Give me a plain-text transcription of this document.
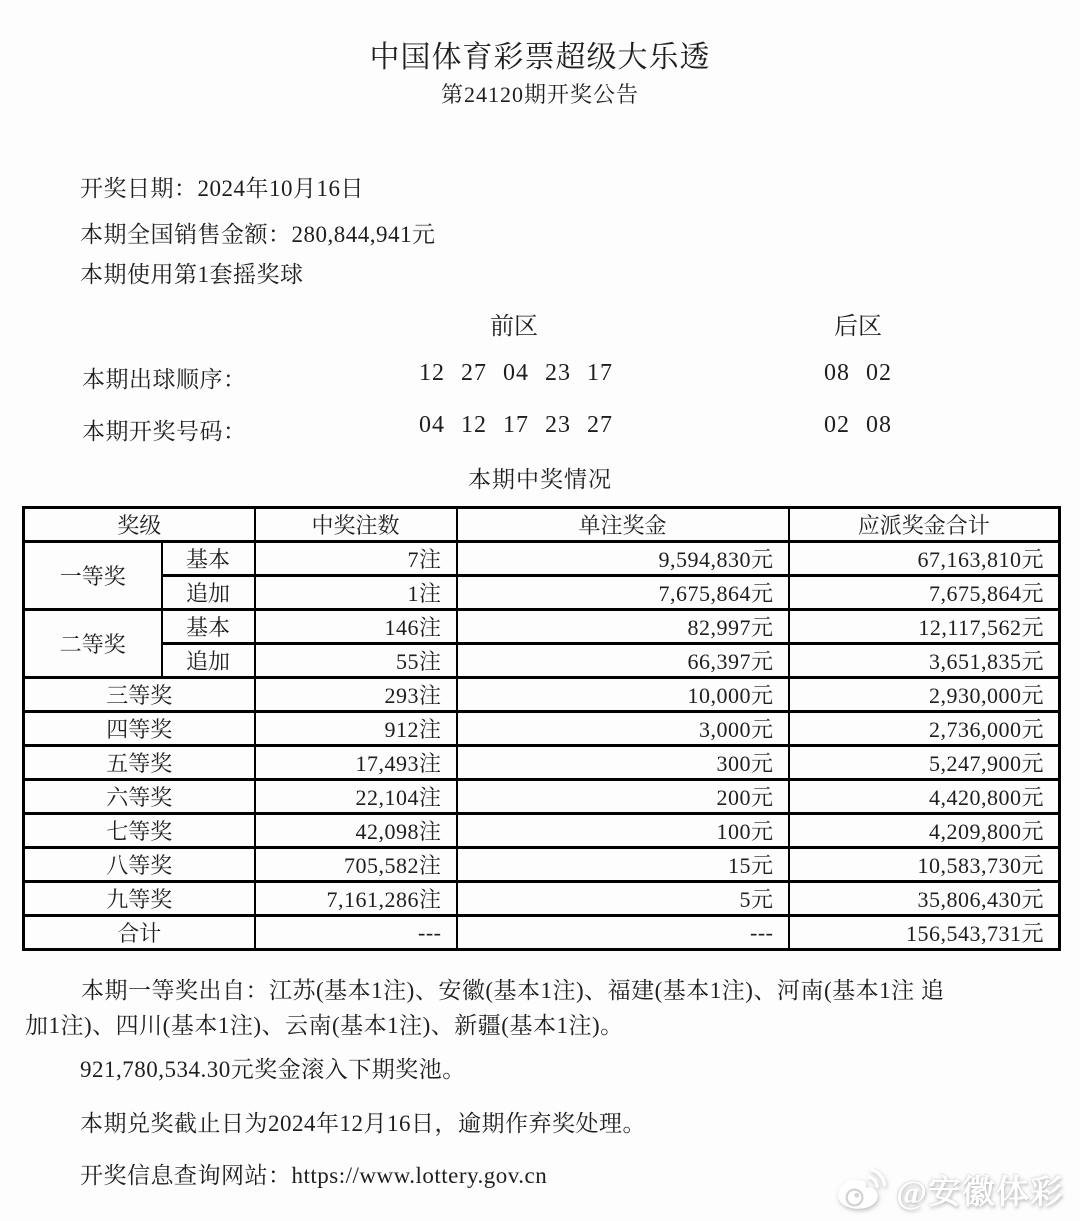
中国体育彩票超级大乐透
第24120期开奖公告
开奖日期：2024年10月16日
本期全国销售金额：280,844,941元
本期使用第1套摇奖球
前区	后区
本期出球顺序：	12 27 04 23 17	08 02
本期开奖号码：	04 12 17 23 27	02 08
本期中奖情况
奖级		中奖注数	单注奖金	应派奖金合计
一等奖	基本	7注	9,594,830元	67,163,810元
	追加	1注	7,675,864元	7,675,864元
二等奖	基本	146注	82,997元	12,117,562元
	追加	55注	66,397元	3,651,835元
三等奖		293注	10,000元	2,930,000元
四等奖		912注	3,000元	2,736,000元
五等奖		17,493注	300元	5,247,900元
六等奖		22,104注	200元	4,420,800元
七等奖		42,098注	100元	4,209,800元
八等奖		705,582注	15元	10,583,730元
九等奖		7,161,286注	5元	35,806,430元
合计		---	---	156,543,731元
本期一等奖出自：江苏(基本1注)、安徽(基本1注)、福建(基本1注)、河南(基本1注 追
加1注)、四川(基本1注)、云南(基本1注)、新疆(基本1注)。
921,780,534.30元奖金滚入下期奖池。
本期兑奖截止日为2024年12月16日，逾期作弃奖处理。
开奖信息查询网站：https://www.lottery.gov.cn	@安徽体彩
